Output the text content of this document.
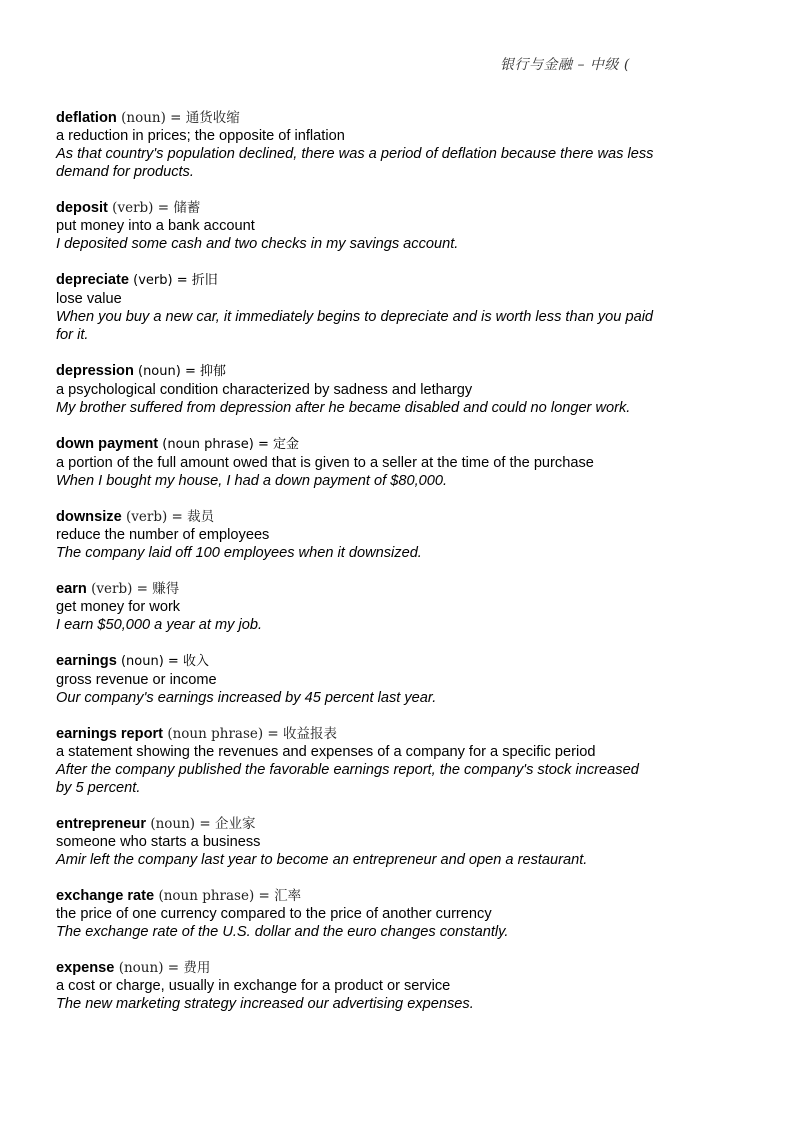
银行与金融 – 中级 (
deflation (noun) = 通货收缩
a reduction in prices; the opposite of inflation
As that country's population declined, there was a period of deflation because there was less demand for products.
deposit (verb) = 储蓄
put money into a bank account
I deposited some cash and two checks in my savings account.
depreciate (verb) = 折旧
lose value
When you buy a new car, it immediately begins to depreciate and is worth less than you paid for it.
depression (noun) = 抑郁
a psychological condition characterized by sadness and lethargy
My brother suffered from depression after he became disabled and could no longer work.
down payment (noun phrase) = 定金
a portion of the full amount owed that is given to a seller at the time of the purchase
When I bought my house, I had a down payment of $80,000.
downsize (verb) = 裁员
reduce the number of employees
The company laid off 100 employees when it downsized.
earn (verb) = 赚得
get money for work
I earn $50,000 a year at my job.
earnings (noun) = 收入
gross revenue or income
Our company's earnings increased by 45 percent last year.
earnings report (noun phrase) = 收益报表
a statement showing the revenues and expenses of a company for a specific period
After the company published the favorable earnings report, the company's stock increased by 5 percent.
entrepreneur (noun) = 企业家
someone who starts a business
Amir left the company last year to become an entrepreneur and open a restaurant.
exchange rate (noun phrase) = 汇率
the price of one currency compared to the price of another currency
The exchange rate of the U.S. dollar and the euro changes constantly.
expense (noun) = 费用
a cost or charge, usually in exchange for a product or service
The new marketing strategy increased our advertising expenses.
